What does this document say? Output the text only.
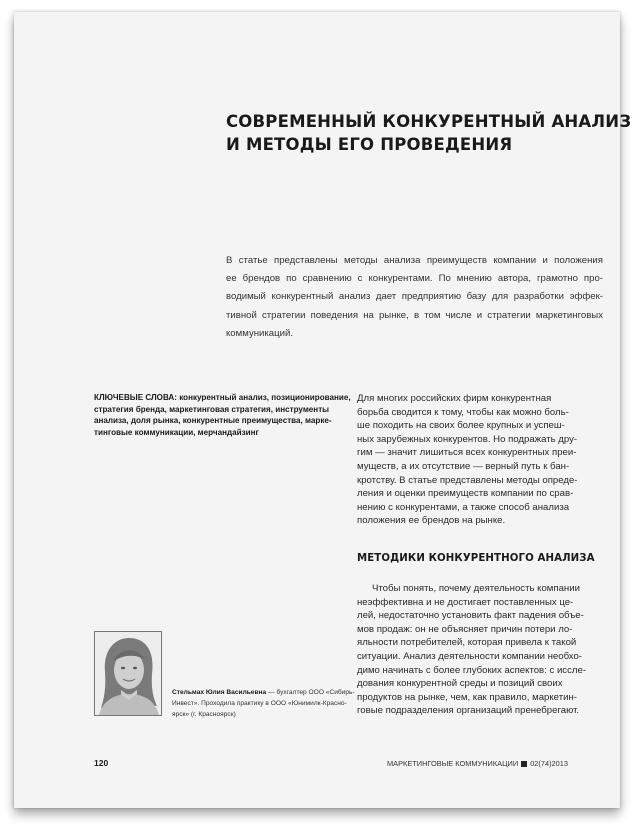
СОВРЕМЕННЫЙ КОНКУРЕНТНЫЙ АНАЛИЗ
И МЕТОДЫ ЕГО ПРОВЕДЕНИЯ
В статье представлены методы анализа преимуществ компании и положения
ее брендов по сравнению с конкурентами. По мнению автора, грамотно про-
водимый конкурентный анализ дает предприятию базу для разработки эффек-
тивной стратегии поведения на рынке, в том числе и стратегии маркетинговых
коммуникаций.
КЛЮЧЕВЫЕ СЛОВА: конкурентный анализ, позиционирование,
стратегия бренда, маркетинговая стратегия, инструменты
анализа, доля рынка, конкурентные преимущества, марке-
тинговые коммуникации, мерчандайзинг
Для многих российских фирм конкурентная
борьба сводится к тому, чтобы как можно боль-
ше походить на своих более крупных и успеш-
ных зарубежных конкурентов. Но подражать дру-
гим — значит лишиться всех конкурентных преи-
муществ, а их отсутствие — верный путь к бан-
кротству. В статье представлены методы опреде-
ления и оценки преимуществ компании по срав-
нению с конкурентами, а также способ анализа
положения ее брендов на рынке.
МЕТОДИКИ КОНКУРЕНТНОГО АНАЛИЗА
Чтобы понять, почему деятельность компании
неэффективна и не достигает поставленных це-
лей, недостаточно установить факт падения объе-
мов продаж: он не объясняет причин потери ло-
яльности потребителей, которая привела к такой
ситуации. Анализ деятельности компании необхо-
димо начинать с более глубоких аспектов: с иссле-
дования конкурентной среды и позиций своих
продуктов на рынке, чем, как правило, маркетин-
говые подразделения организаций пренебрегают.
Стельмах Юлия Васильевна — бухгалтер ООО «Сибирь-
Инвест». Проходила практику в ООО «Юнимилк-Красно-
ярск» (г. Красноярск)
120	МАРКЕТИНГОВЫЕ КОММУНИКАЦИИ 02(74)2013
